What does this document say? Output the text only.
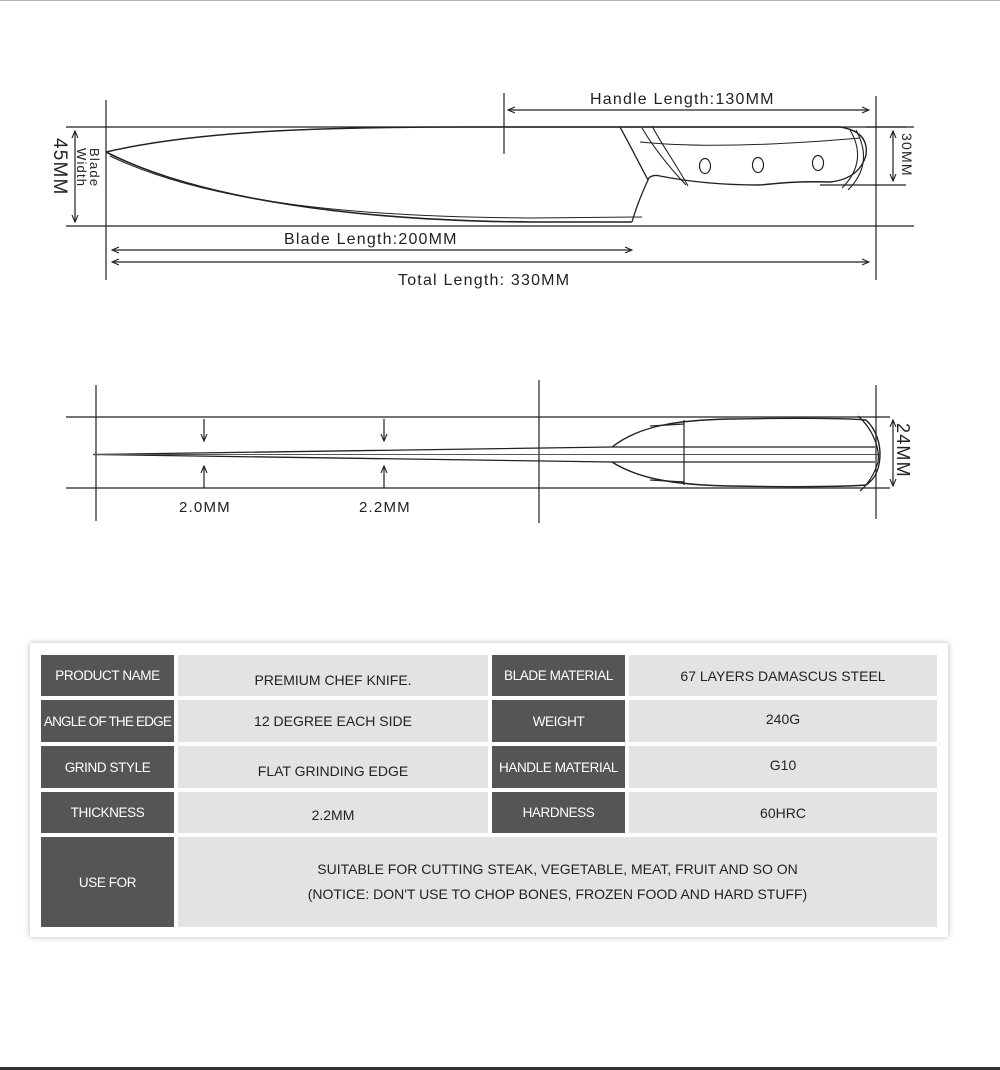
Handle Length:130MM
Blade Length:200MM
Total Length: 330MM
45MM Blade
Width	30MM
2.0MM	2.2MM
24MM
PRODUCT NAME	PREMIUM CHEF KNIFE.	BLADE MATERIAL	67 LAYERS DAMASCUS STEEL
ANGLE OF THE EDGE	12 DEGREE EACH SIDE	WEIGHT	240G
GRIND STYLE	FLAT GRINDING EDGE	HANDLE MATERIAL	G10
THICKNESS	2.2MM	HARDNESS	60HRC
USE FOR
SUITABLE FOR CUTTING STEAK, VEGETABLE, MEAT, FRUIT AND SO ON
(NOTICE: DON'T USE TO CHOP BONES, FROZEN FOOD AND HARD STUFF)
